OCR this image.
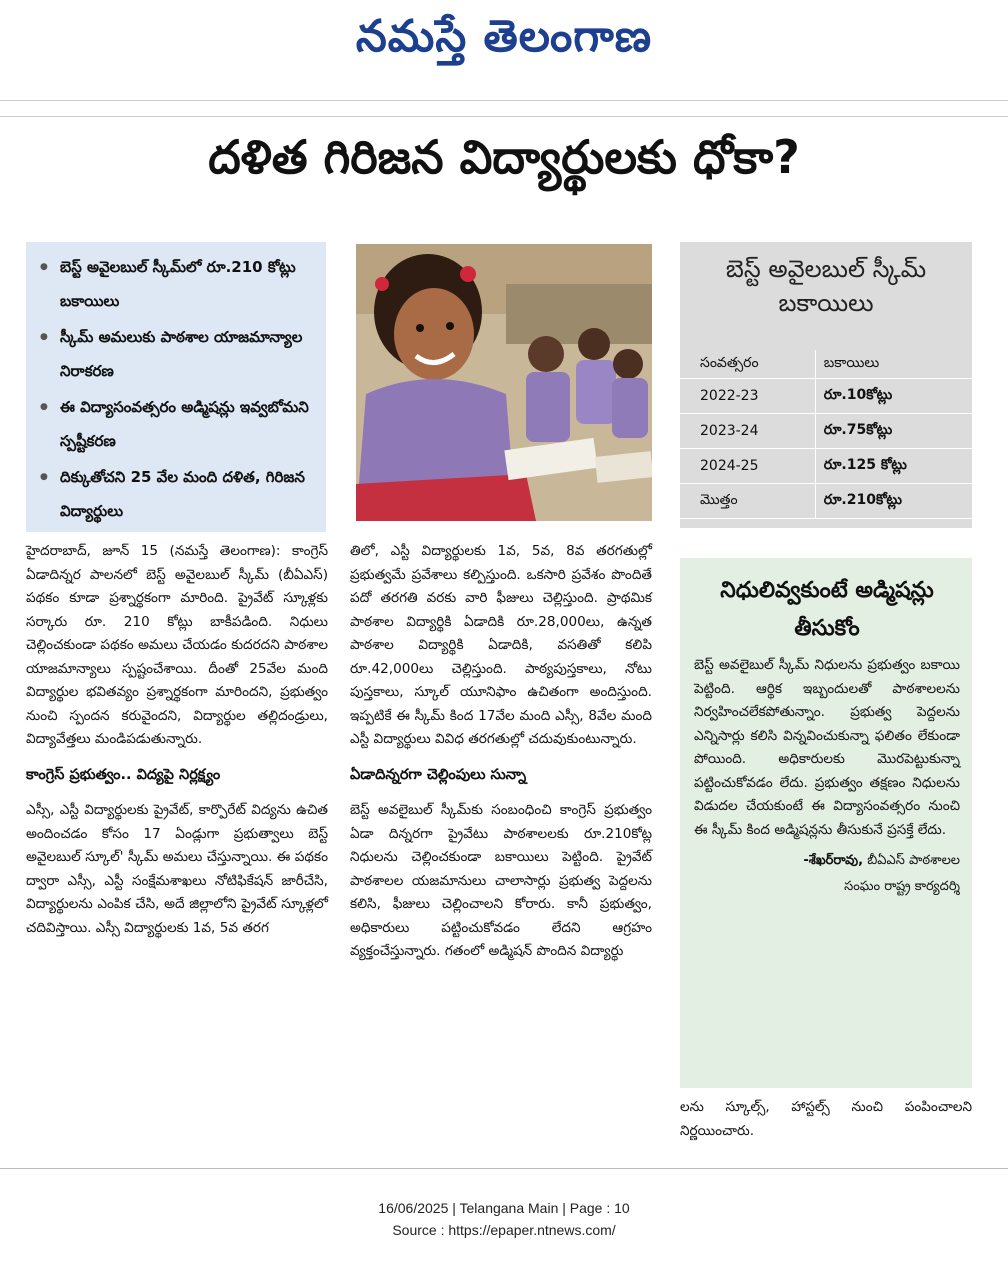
నమస్తే తెలంగాణ
దళిత గిరిజన విద్యార్థులకు ధోకా?
● బెస్ట్ అవైలబుల్ స్కీమ్‌లో రూ.210 కోట్లు బకాయిలు
● స్కీమ్ అమలుకు పాఠశాల యాజమాన్యాల నిరాకరణ
● ఈ విద్యాసంవత్సరం అడ్మిషన్లు ఇవ్వబోమని స్పష్టీకరణ
● దిక్కుతోచని 25 వేల మంది దళిత, గిరిజన విద్యార్థులు
బెస్ట్ అవైలబుల్ స్కీమ్ బకాయిలు
సంవత్సరం	బకాయిలు
2022-23	రూ.10కోట్లు
2023-24	రూ.75కోట్లు
2024-25	రూ.125 కోట్లు
మొత్తం	రూ.210కోట్లు

హైదరాబాద్, జూన్ 15 (నమస్తే తెలంగాణ): కాంగ్రెస్ ఏడాదిన్నర పాలనలో బెస్ట్ అవైలబుల్ స్కీమ్ (బీఏఎస్) పథకం కూడా ప్రశ్నార్థకంగా మారింది. ప్రైవేట్ స్కూళ్లకు సర్కారు రూ. 210 కోట్లు బాకీపడింది. నిధులు చెల్లించకుండా పథకం అమలు చేయడం కుదరదని పాఠశాల యాజమాన్యాలు స్పష్టంచేశాయి. దీంతో 25వేల మంది విద్యార్థుల భవితవ్యం ప్రశ్నార్థకంగా మారిందని, ప్రభుత్వం నుంచి స్పందన కరువైందని, విద్యార్థుల తల్లిదండ్రులు, విద్యావేత్తలు మండిపడుతున్నారు.

కాంగ్రెస్ ప్రభుత్వం.. విద్యపై నిర్లక్ష్యం

ఎస్సీ, ఎస్టీ విద్యార్థులకు ప్రైవేట్, కార్పొరేట్ విద్యను ఉచిత అందించడం కోసం 17 ఏండ్లుగా ప్రభుత్వాలు బెస్ట్ అవైలబుల్ స్కూల్' స్కీమ్ అమలు చేస్తున్నాయి. ఈ పథకం ద్వారా ఎస్సీ, ఎస్టీ సంక్షేమశాఖలు నోటిఫికేషన్ జారీచేసి, విద్యార్థులను ఎంపిక చేసి, అదే జిల్లాలోని ప్రైవేట్ స్కూళ్లలో చదివిస్తాయి. ఎస్సీ విద్యార్థులకు 1వ, 5వ తరగ

తిలో, ఎస్టీ విద్యార్థులకు 1వ, 5వ, 8వ తరగతుల్లో ప్రభుత్వమే ప్రవేశాలు కల్పిస్తుంది. ఒకసారి ప్రవేశం పొందితే పదో తరగతి వరకు వారి ఫీజులు చెల్లిస్తుంది. ప్రాథమిక పాఠశాల విద్యార్థికి ఏడాదికి రూ.28,000లు, ఉన్నత పాఠశాల విద్యార్థికి ఏడాదికి, వసతితో కలిపి రూ.42,000లు చెల్లిస్తుంది. పాఠ్యపుస్తకాలు, నోటు పుస్తకాలు, స్కూల్ యూనిఫాం ఉచితంగా అందిస్తుంది. ఇప్పటికే ఈ స్కీమ్ కింద 17వేల మంది ఎస్సీ, 8వేల మంది ఎస్టీ విద్యార్థులు వివిధ తరగతుల్లో చదువుకుంటున్నారు.

ఏడాదిన్నరగా చెల్లింపులు సున్నా

బెస్ట్ అవలైబుల్ స్కీమ్‌కు సంబంధించి కాంగ్రెస్ ప్రభుత్వం ఏడా దిన్నరగా ప్రైవేటు పాఠశాలలకు రూ.210కోట్ల నిధులను చెల్లించకుండా బకాయిలు పెట్టింది. ప్రైవేట్ పాఠశాలల యజమానులు చాలాసార్లు ప్రభుత్వ పెద్దలను కలిసి, ఫీజులు చెల్లించాలని కోరారు. కానీ ప్రభుత్వం, అధికారులు పట్టించుకోవడం లేదని ఆగ్రహం వ్యక్తంచేస్తున్నారు. గతంలో అడ్మిషన్ పొందిన విద్యార్థు

నిధులివ్వకుంటే అడ్మిషన్లు తీసుకోం
బెస్ట్ అవలైబుల్ స్కీమ్ నిధులను ప్రభుత్వం బకాయి పెట్టింది. ఆర్థిక ఇబ్బందులతో పాఠశాలలను నిర్వహించలేకపోతున్నాం. ప్రభుత్వ పెద్దలను ఎన్నిసార్లు కలిసి విన్నవించుకున్నా ఫలితం లేకుండా పోయింది. అధికారులకు మొరపెట్టుకున్నా పట్టించుకోవడం లేదు. ప్రభుత్వం తక్షణం నిధులను విడుదల చేయకుంటే ఈ విద్యాసంవత్సరం నుంచి ఈ స్కీమ్ కింద అడ్మిషన్లను తీసుకునే ప్రసక్తే లేదు.
-శేఖర్‌రావు, బీఏఎస్ పాఠశాలల
సంఘం రాష్ట్ర కార్యదర్శి

లను స్కూల్స్, హాస్టల్స్ నుంచి పంపించాలని నిర్ణయించారు.

16/06/2025 | Telangana Main | Page : 10
Source : https://epaper.ntnews.com/
